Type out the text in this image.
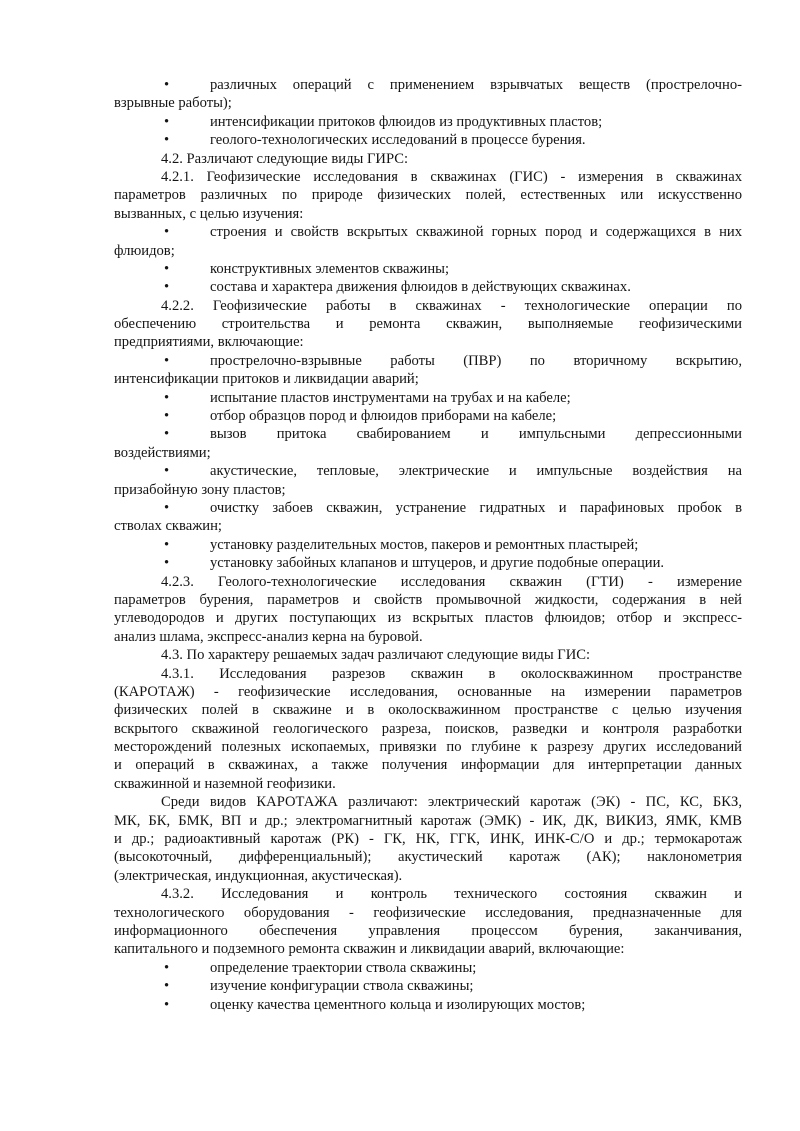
•	различных операций с применением взрывчатых веществ (прострелочно-
взрывные работы);
•	интенсификации притоков флюидов из продуктивных пластов;
•	геолого-технологических исследований в процессе бурения.
4.2. Различают следующие виды ГИРС:
4.2.1. Геофизические исследования в скважинах (ГИС) - измерения в скважинах
параметров различных по природе физических полей, естественных или искусственно
вызванных, с целью изучения:
•	строения и свойств вскрытых скважиной горных пород и содержащихся в них
флюидов;
•	конструктивных элементов скважины;
•	состава и характера движения флюидов в действующих скважинах.
4.2.2. Геофизические работы в скважинах - технологические операции по
обеспечению строительства и ремонта скважин, выполняемые геофизическими
предприятиями, включающие:
•	прострелочно-взрывные работы (ПВР) по вторичному вскрытию,
интенсификации притоков и ликвидации аварий;
•	испытание пластов инструментами на трубах и на кабеле;
•	отбор образцов пород и флюидов приборами на кабеле;
•	вызов притока свабированием и импульсными депрессионными
воздействиями;
•	акустические, тепловые, электрические и импульсные воздействия на
призабойную зону пластов;
•	очистку забоев скважин, устранение гидратных и парафиновых пробок в
стволах скважин;
•	установку разделительных мостов, пакеров и ремонтных пластырей;
•	установку забойных клапанов и штуцеров, и другие подобные операции.
4.2.3. Геолого-технологические исследования скважин (ГТИ) - измерение
параметров бурения, параметров и свойств промывочной жидкости, содержания в ней
углеводородов и других поступающих из вскрытых пластов флюидов; отбор и экспресс-
анализ шлама, экспресс-анализ керна на буровой.
4.3. По характеру решаемых задач различают следующие виды ГИС:
4.3.1. Исследования разрезов скважин в околоскважинном пространстве
(КАРОТАЖ) - геофизические исследования, основанные на измерении параметров
физических полей в скважине и в околоскважинном пространстве с целью изучения
вскрытого скважиной геологического разреза, поисков, разведки и контроля разработки
месторождений полезных ископаемых, привязки по глубине к разрезу других исследований
и операций в скважинах, а также получения информации для интерпретации данных
скважинной и наземной геофизики.
Среди видов КАРОТАЖА различают: электрический каротаж (ЭК) - ПС, КС, БКЗ,
МК, БК, БМК, ВП и др.; электромагнитный каротаж (ЭМК) - ИК, ДК, ВИКИЗ, ЯМК, КМВ
и др.; радиоактивный каротаж (РК) - ГК, НК, ГГК, ИНК, ИНК-С/О и др.; термокаротаж
(высокоточный, дифференциальный); акустический каротаж (АК); наклонометрия
(электрическая, индукционная, акустическая).
4.3.2. Исследования и контроль технического состояния скважин и
технологического оборудования - геофизические исследования, предназначенные для
информационного обеспечения управления процессом бурения, заканчивания,
капитального и подземного ремонта скважин и ликвидации аварий, включающие:
•	определение траектории ствола скважины;
•	изучение конфигурации ствола скважины;
•	оценку качества цементного кольца и изолирующих мостов;
